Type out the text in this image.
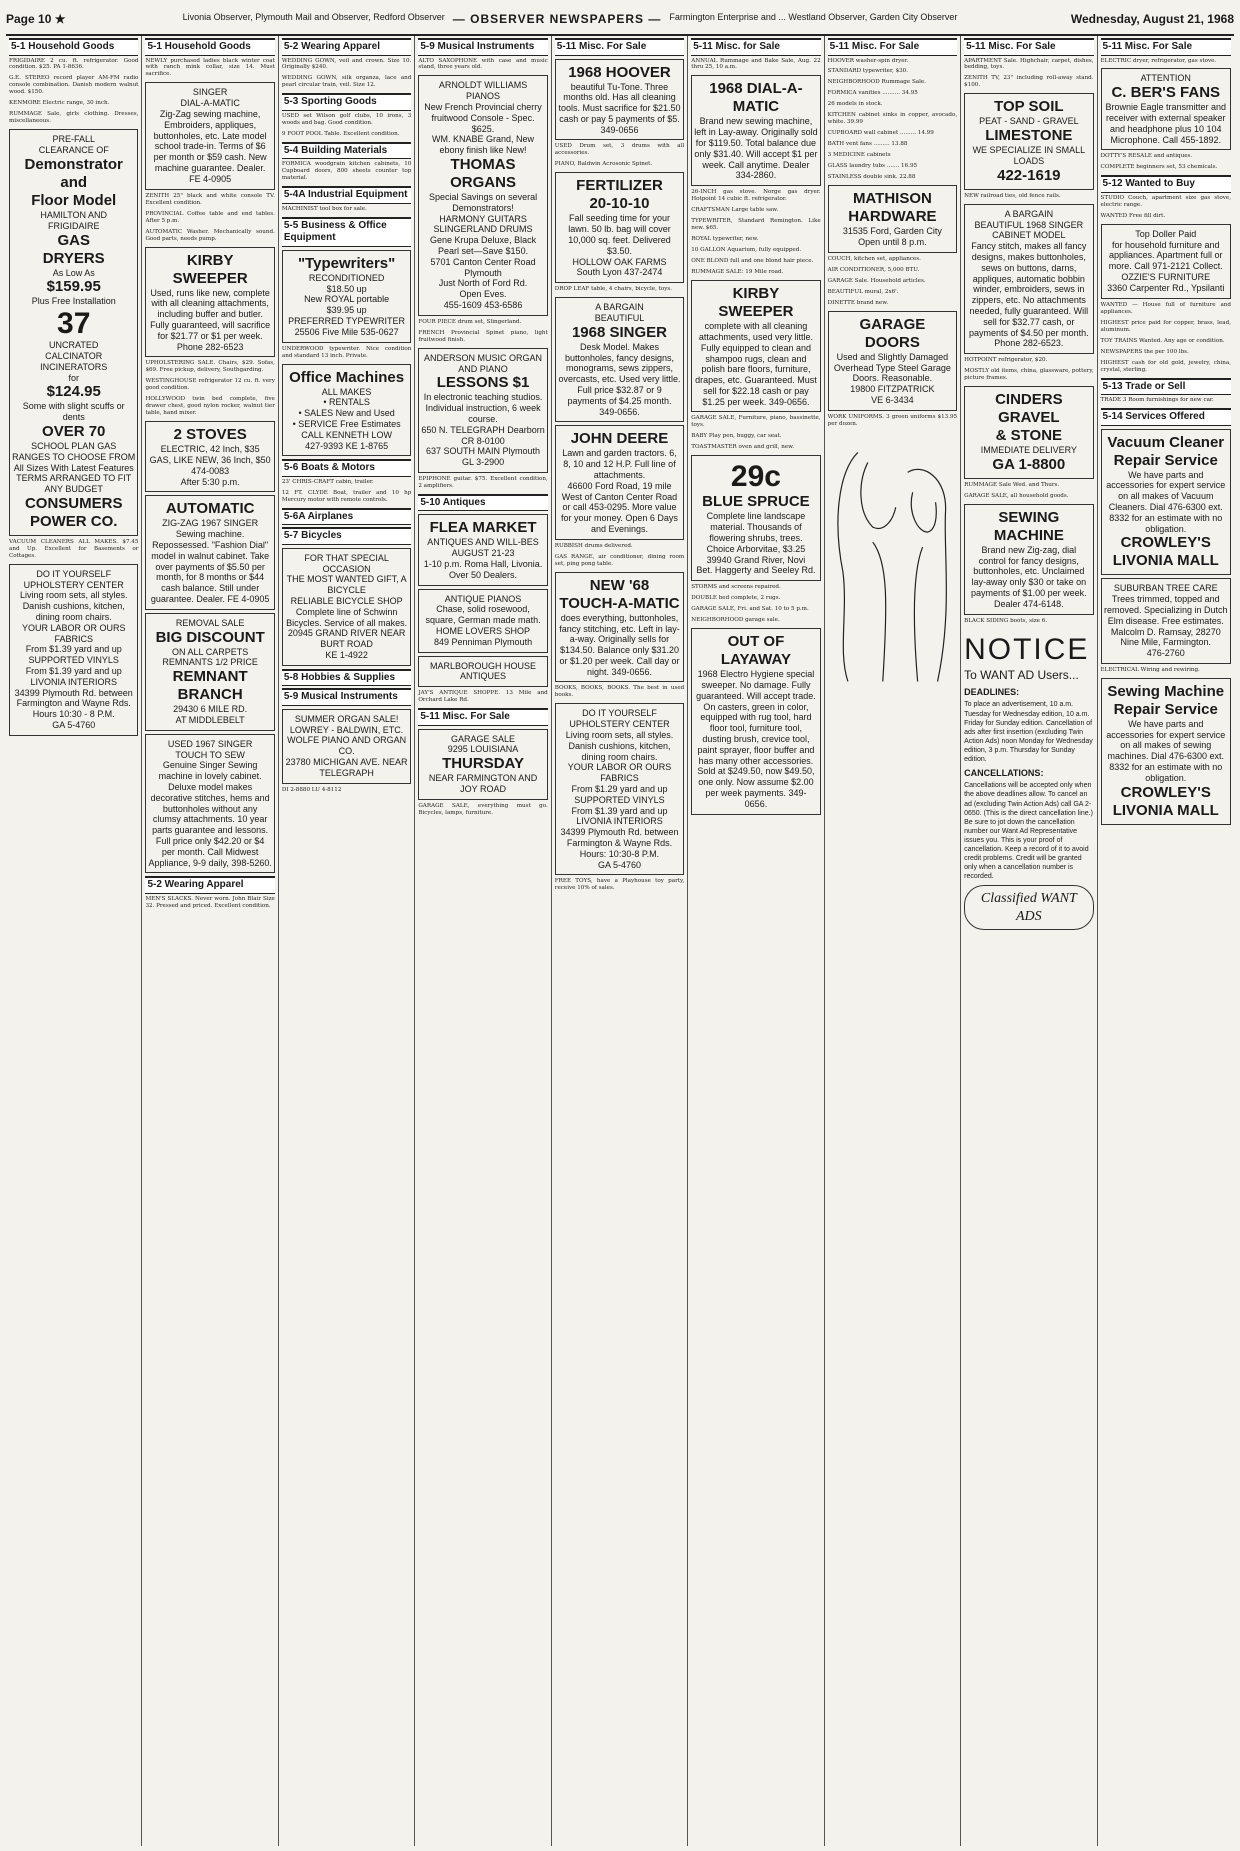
Page 10 ★	Livonia Observer, Plymouth Mail and Observer, Redford Observer — OBSERVER NEWSPAPERS — Farmington Enterprise and ... Westland Observer, Garden City Observer	Wednesday, August 21, 1968
5-1 Household Goods
FRIGIDAIRE 2 cu. ft. refrigerator. Good condition. $25. PA 1-8636.
G.E. STEREO record player AM-FM radio console combination. Danish modern walnut wood. $150.
KENMORE Electric range, 30 inch.
RUMMAGE Sale, girls clothing. Dresses, miscellaneous.
PRE-FALL
CLEARANCE OF
Demonstrator
and
Floor Model
HAMILTON AND
FRIGIDAIRE
GAS
DRYERS
As Low As
$159.95
Plus Free Installation
37
UNCRATED
CALCINATOR
INCINERATORS
for
$124.95
Some with slight scuffs or dents
OVER 70
SCHOOL PLAN GAS RANGES TO CHOOSE FROM
All Sizes With Latest Features
TERMS ARRANGED TO FIT ANY BUDGET
CONSUMERS
POWER CO.
VACUUM CLEANERS ALL MAKES. $7.45 and Up. Excellent for Basements or Cottages.
DO IT YOURSELF
UPHOLSTERY CENTER
Living room sets, all styles. Danish cushions, kitchen, dining room chairs.
YOUR LABOR OR OURS
FABRICS
From $1.39 yard and up
SUPPORTED VINYLS
From $1.39 yard and up
LIVONIA INTERIORS
34399 Plymouth Rd. between Farmington and Wayne Rds.
Hours 10:30 - 8 P.M.
GA 5-4760
5-1 Household Goods
NEWLY purchased ladies black winter coat with ranch mink collar, size 14. Must sacrifice.
SINGER
DIAL-A-MATIC
Zig-Zag sewing machine, Embroiders, appliques, buttonholes, etc. Late model school trade-in. Terms of $6 per month or $59 cash. New machine guarantee. Dealer. FE 4-0905
ZENITH 25" black and white console TV. Excellent condition.
PROVINCIAL Coffee table and end tables. After 5 p.m.
AUTOMATIC Washer. Mechanically sound. Good parts, needs pump.
KIRBY SWEEPER
Used, runs like new, complete with all cleaning attachments, including buffer and butler. Fully guaranteed, will sacrifice for $21.77 or $1 per week. Phone 282-6523
UPHOLSTERING SALE. Chairs, $29. Sofas, $69. Free pickup, delivery, Southgarding.
WESTINGHOUSE refrigerator 12 cu. ft. very good condition.
HOLLYWOOD twin bed complete, five drawer chest, good nylon rocker, walnut tier table, hand mixer.
2 STOVES
ELECTRIC, 42 Inch, $35
GAS, LIKE NEW, 36 Inch, $50
474-0083
After 5:30 p.m.
AUTOMATIC
ZIG-ZAG 1967 SINGER
Sewing machine. Repossessed. "Fashion Dial" model in walnut cabinet. Take over payments of $5.50 per month, for 8 months or $44 cash balance. Still under guarantee. Dealer. FE 4-0905
REMOVAL SALE
BIG DISCOUNT
ON ALL CARPETS
REMNANTS 1/2 PRICE
REMNANT
BRANCH
29430 6 MILE RD.
AT MIDDLEBELT
USED 1967 SINGER
TOUCH TO SEW
Genuine Singer Sewing machine in lovely cabinet. Deluxe model makes decorative stitches, hems and buttonholes without any clumsy attachments. 10 year parts guarantee and lessons. Full price only $42.20 or $4 per month. Call Midwest Appliance, 9-9 daily, 398-5260.
5-2 Wearing Apparel
MEN'S SLACKS. Never worn. John Blair Size 32. Pressed and priced. Excellent condition.
5-2 Wearing Apparel
WEDDING GOWN, veil and crown. Size 10. Originally $240.
WEDDING GOWN, silk organza, lace and pearl circular train, veil. Size 12.
5-3 Sporting Goods
USED set Wilson golf clubs, 10 irons, 3 woods and bag. Good condition.
9 FOOT POOL Table. Excellent condition.
5-4 Building Materials
FORMICA woodgrain kitchen cabinets, 10 Cupboard doors, 800 sheets counter top material.
5-4A Industrial Equipment
MACHINIST tool box for sale.
5-5 Business & Office Equipment
"Typewriters"
RECONDITIONED
$18.50 up
New ROYAL portable
$39.95 up
PREFERRED TYPEWRITER
25506 Five Mile 535-0627
UNDERWOOD typewriter. Nice condition and standard 13 inch. Private.
Office Machines
ALL MAKES
• RENTALS
• SALES New and Used
• SERVICE Free Estimates
CALL KENNETH LOW
427-9393 KE 1-8765
5-6 Boats & Motors
23' CHRIS-CRAFT cabin, trailer.
12 FT. CLYDE Boat, trailer and 10 hp Mercury motor with remote controls.
5-6A Airplanes
5-7 Bicycles
FOR THAT SPECIAL OCCASION
THE MOST WANTED GIFT, A BICYCLE
RELIABLE BICYCLE SHOP
Complete line of Schwinn Bicycles. Service of all makes.
20945 GRAND RIVER NEAR BURT ROAD
KE 1-4922
5-8 Hobbies & Supplies
5-9 Musical Instruments
SUMMER ORGAN SALE!
LOWREY - BALDWIN, ETC.
WOLFE PIANO AND ORGAN CO.
23780 MICHIGAN AVE. NEAR TELEGRAPH
DI 2-8880 LU 4-8112
5-9 Musical Instruments
ALTO SAXOPHONE with case and music stand, three years old.
ARNOLDT WILLIAMS PIANOS
New French Provincial cherry fruitwood Console - Spec. $625.
WM. KNABE Grand, New ebony finish like New!
THOMAS ORGANS
Special Savings on several Demonstrators!
HARMONY GUITARS SLINGERLAND DRUMS
Gene Krupa Deluxe, Black Pearl set—Save $150.
5701 Canton Center Road Plymouth
Just North of Ford Rd.
Open Eves.
455-1609 453-6586
FOUR PIECE drum set, Slingerland.
FRENCH Provincial Spinet piano, light fruitwood finish.
ANDERSON MUSIC ORGAN AND PIANO
LESSONS $1
In electronic teaching studios. Individual instruction, 6 week course.
650 N. TELEGRAPH Dearborn CR 8-0100
637 SOUTH MAIN Plymouth GL 3-2900
EPIPHONE guitar. $75. Excellent condition, 2 amplifiers.
5-10 Antiques
FLEA MARKET
ANTIQUES AND WILL-BES
AUGUST 21-23
1-10 p.m. Roma Hall, Livonia. Over 50 Dealers.
ANTIQUE PIANOS
Chase, solid rosewood, square, German made math.
HOME LOVERS SHOP
849 Penniman Plymouth
MARLBOROUGH HOUSE ANTIQUES
JAY'S ANTIQUE SHOPPE. 13 Mile and Orchard Lake Rd.
5-11 Misc. For Sale
GARAGE SALE
9295 LOUISIANA
THURSDAY
NEAR FARMINGTON AND JOY ROAD
GARAGE SALE, everything must go. Bicycles, lamps, furniture.
5-11 Misc. For Sale
1968 HOOVER
beautiful Tu-Tone. Three months old. Has all cleaning tools. Must sacrifice for $21.50 cash or pay 5 payments of $5.
349-0656
USED Drum set, 3 drums with all accessories.
PIANO, Baldwin Acrosonic Spinet.
FERTILIZER
20-10-10
Fall seeding time for your lawn. 50 lb. bag will cover 10,000 sq. feet. Delivered $3.50.
HOLLOW OAK FARMS
South Lyon 437-2474
DROP LEAF table, 4 chairs, bicycle, toys.
A BARGAIN
BEAUTIFUL
1968 SINGER
Desk Model. Makes buttonholes, fancy designs, monograms, sews zippers, overcasts, etc. Used very little. Full price $32.87 or 9 payments of $4.25 month. 349-0656.
JOHN DEERE
Lawn and garden tractors. 6, 8, 10 and 12 H.P. Full line of attachments.
46600 Ford Road, 19 mile West of Canton Center Road or call 453-0295. More value for your money. Open 6 Days and Evenings.
RUBBISH drums delivered.
GAS RANGE, air conditioner, dining room set, ping pong table.
NEW '68
TOUCH-A-MATIC
does everything, buttonholes, fancy stitching, etc. Left in lay-a-way. Originally sells for $134.50. Balance only $31.20 or $1.20 per week. Call day or night. 349-0656.
BOOKS, BOOKS, BOOKS. The best in used books.
DO IT YOURSELF
UPHOLSTERY CENTER
Living room sets, all styles. Danish cushions, kitchen, dining room chairs.
YOUR LABOR OR OURS
FABRICS
From $1.29 yard and up
SUPPORTED VINYLS
From $1.39 yard and up
LIVONIA INTERIORS
34399 Plymouth Rd. between Farmington & Wayne Rds.
Hours: 10:30-8 P.M.
GA 5-4760
FREE TOYS, have a Playhouse toy party, receive 10% of sales.
5-11 Misc. for Sale
ANNUAL Rummage and Bake Sale, Aug. 22 thru 25, 10 a.m.
1968 DIAL-A-MATIC
Brand new sewing machine, left in Lay-away. Originally sold for $119.50. Total balance due only $31.40. Will accept $1 per week. Call anytime. Dealer 334-2860.
26-INCH gas stove. Norge gas dryer. Hotpoint 14 cubic ft. refrigerator.
CRAFTSMAN Large table saw.
TYPEWRITER, Standard Remington. Like new. $65.
ROYAL typewriter, new.
10 GALLON Aquarium, fully equipped.
ONE BLOND full and one blond hair piece.
RUMMAGE SALE: 19 Mile road.
KIRBY SWEEPER
complete with all cleaning attachments, used very little. Fully equipped to clean and shampoo rugs, clean and polish bare floors, furniture, drapes, etc. Guaranteed. Must sell for $22.18 cash or pay $1.25 per week. 349-0656.
GARAGE SALE, Furniture, piano, bassinette, toys.
BABY Play pen, buggy, car seat.
TOASTMASTER oven and grill, new.
29c
BLUE SPRUCE
Complete line landscape material. Thousands of flowering shrubs, trees.
Choice Arborvitae, $3.25
39940 Grand River, Novi
Bet. Haggerty and Seeley Rd.
STORMS and screens repaired.
DOUBLE bed complete, 2 rugs.
GARAGE SALE, Fri. and Sat. 10 to 5 p.m.
NEIGHBORHOOD garage sale.
OUT OF LAYAWAY
1968 Electro Hygiene special sweeper. No damage. Fully guaranteed. Will accept trade. On casters, green in color, equipped with rug tool, hard floor tool, furniture tool, dusting brush, crevice tool, paint sprayer, floor buffer and has many other accessories. Sold at $249.50, now $49.50, one only. Now assume $2.00 per week payments. 349-0656.
5-11 Misc. For Sale
HOOVER washer-spin dryer.
STANDARD typewriter, $30.
NEIGHBORHOOD Rummage Sale.
FORMICA vanities .......... 34.95
26 models in stock.
KITCHEN cabinet sinks in copper, avocado, white. 39.99
CUPBOARD wall cabinet ......... 14.99
BATH vent fans ......... 13.88
3 MEDICINE cabinets
GLASS laundry tubs ....... 16.95
STAINLESS double sink. 22.88
MATHISON
HARDWARE
31535 Ford, Garden City
Open until 8 p.m.
COUCH, kitchen set, appliances.
AIR CONDITIONER, 5,000 BTU.
GARAGE Sale. Household articles.
BEAUTIFUL mural, 2x6'.
DINETTE brand new.
GARAGE DOORS
Used and Slightly Damaged
Overhead Type Steel Garage Doors. Reasonable.
19800 FITZPATRICK
VE 6-3434
WORK UNIFORMS. 3 green uniforms $13.95 per dozen.
5-11 Misc. For Sale
APARTMENT Sale. Highchair, carpet, dishes, bedding, toys.
ZENITH TV, 23" including roll-away stand. $100.
TOP SOIL
PEAT - SAND - GRAVEL
LIMESTONE
WE SPECIALIZE IN SMALL LOADS
422-1619
NEW railroad ties, old fence rails.
A BARGAIN
BEAUTIFUL 1968 SINGER CABINET MODEL
Fancy stitch, makes all fancy designs, makes buttonholes, sews on buttons, darns, appliques, automatic bobbin winder, embroiders, sews in zippers, etc. No attachments needed, fully guaranteed. Will sell for $32.77 cash, or payments of $4.50 per month. Phone 282-6523.
HOTPOINT refrigerator, $20.
MOSTLY old items, china, glassware, pottery, picture frames.
CINDERS
GRAVEL
& STONE
IMMEDIATE DELIVERY
GA 1-8800
RUMMAGE Sale Wed. and Thurs.
GARAGE SALE, all household goods.
SEWING MACHINE
Brand new Zig-zag, dial control for fancy designs, buttonholes, etc. Unclaimed lay-away only $30 or take on payments of $1.00 per week. Dealer 474-6148.
BLACK SIDING boots, size 6.
NOTICE
To WANT AD Users...
DEADLINES:

To place an advertisement, 10 a.m. Tuesday for Wednesday edition, 10 a.m. Friday for Sunday edition. Cancellation of ads after first insertion (excluding Twin Action Ads) noon Monday for Wednesday edition, 3 p.m. Thursday for Sunday edition.

CANCELLATIONS:

Cancellations will be accepted only when the above deadlines allow. To cancel an ad (excluding Twin Action Ads) call GA 2-0650. (This is the direct cancellation line.) Be sure to jot down the cancellation number our Want Ad Representative issues you. This is your proof of cancellation. Keep a record of it to avoid credit problems. Credit will be granted only when a cancellation number is recorded.

Classified WANT ADS
5-11 Misc. For Sale
ELECTRIC dryer, refrigerator, gas stove.
ATTENTION
C. BER'S FANS
Brownie Eagle transmitter and receiver with external speaker and headphone plus 10 104 Microphone. Call 455-1892.
DOTTY'S RESALE and antiques.
COMPLETE beginners set, 53 chemicals.
5-12 Wanted to Buy
STUDIO Couch, apartment size gas stove, electric range.
WANTED Free fill dirt.
Top Doller Paid
for household furniture and appliances. Apartment full or more. Call 971-2121 Collect.
OZZIE'S FURNITURE
3360 Carpenter Rd., Ypsilanti
WANTED — House full of furniture and appliances.
HIGHEST price paid for copper, brass, lead, aluminum.
TOY TRAINS Wanted. Any age or condition.
NEWSPAPERS the per 100 lbs.
HIGHEST cash for old gold, jewelry, china, crystal, sterling.
5-13 Trade or Sell
TRADE 3 Room furnishings for new car.
5-14 Services Offered
Vacuum Cleaner
Repair Service
We have parts and accessories for expert service on all makes of Vacuum Cleaners. Dial 476-6300 ext. 8332 for an estimate with no obligation.
CROWLEY'S
LIVONIA MALL
SUBURBAN TREE CARE
Trees trimmed, topped and removed. Specializing in Dutch Elm disease. Free estimates. Malcolm D. Ramsay, 28270 Nine Mile, Farmington.
476-2760
ELECTRICAL Wiring and rewiring.
Sewing Machine
Repair Service
We have parts and accessories for expert service on all makes of sewing machines. Dial 476-6300 ext. 8332 for an estimate with no obligation.
CROWLEY'S
LIVONIA MALL
